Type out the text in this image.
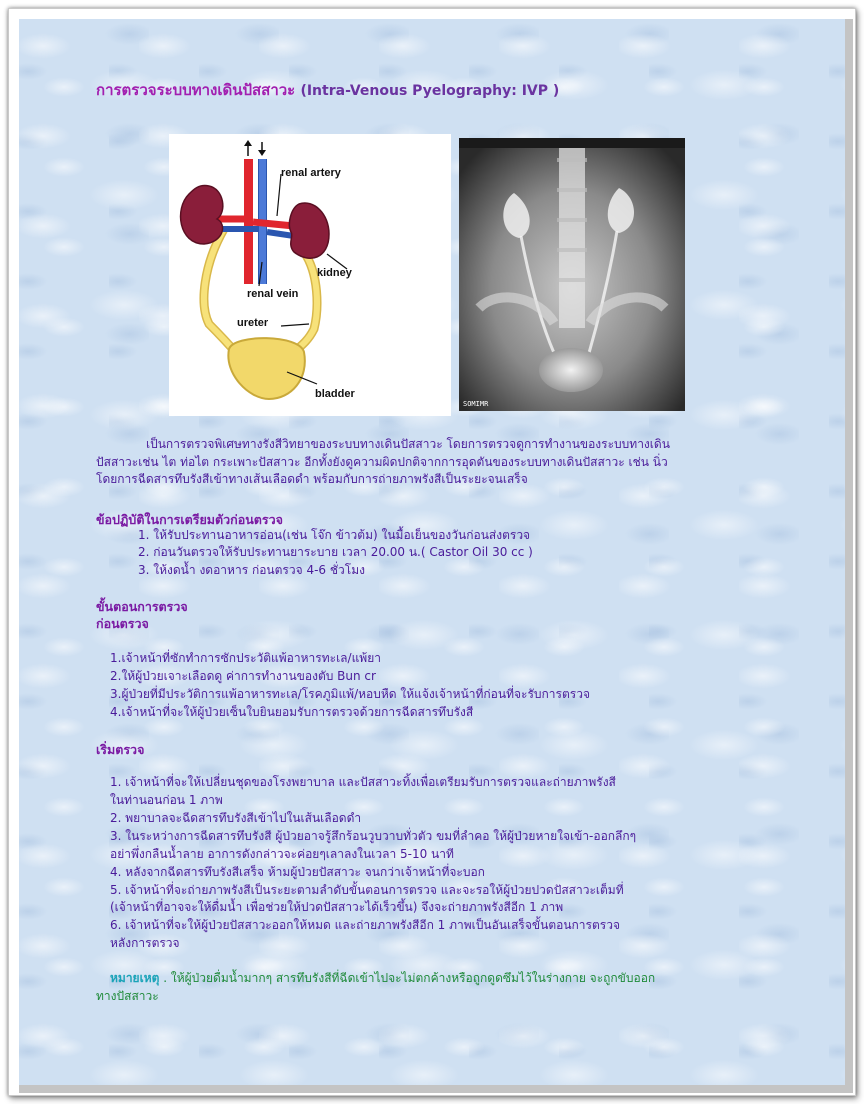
การตรวจระบบทางเดินปัสสาวะ (Intra-Venous Pyelography: IVP )
renal artery
kidney
renal vein
ureter
bladder
SOMIMR
เป็นการตรวจพิเศษทางรังสีวิทยาของระบบทางเดินปัสสาวะ โดยการตรวจดูการทำงานของระบบทางเดิน
ปัสสาวะเช่น ไต ท่อไต กระเพาะปัสสาวะ อีกทั้งยังดูความผิดปกติจากการอุดตันของระบบทางเดินปัสสาวะ เช่น นิ่ว
โดยการฉีดสารทึบรังสีเข้าทางเส้นเลือดดำ พร้อมกับการถ่ายภาพรังสีเป็นระยะจนเสร็จ
ข้อปฏิบัติในการเตรียมตัวก่อนตรวจ
1. ให้รับประทานอาหารอ่อน(เช่น โจ๊ก ข้าวต้ม) ในมื้อเย็นของวันก่อนส่งตรวจ
2. ก่อนวันตรวจให้รับประทานยาระบาย เวลา 20.00 น.( Castor Oil 30 cc )
3. ให้งดน้ำ งดอาหาร ก่อนตรวจ 4-6 ชั่วโมง
ขั้นตอนการตรวจ
ก่อนตรวจ
1.เจ้าหน้าที่ซักทำการซักประวัติแพ้อาหารทะเล/แพ้ยา
2.ให้ผู้ป่วยเจาะเลือดดู ค่าการทำงานของตับ Bun cr
3.ผู้ป่วยที่มีประวัติการแพ้อาหารทะเล/โรคภูมิแพ้/หอบหืด ให้แจ้งเจ้าหน้าที่ก่อนที่จะรับการตรวจ
4.เจ้าหน้าที่จะให้ผู้ป่วยเซ็นใบยินยอมรับการตรวจด้วยการฉีดสารทึบรังสี
เริ่มตรวจ
1. เจ้าหน้าที่จะให้เปลี่ยนชุดของโรงพยาบาล และปัสสาวะทิ้งเพื่อเตรียมรับการตรวจและถ่ายภาพรังสี
ในท่านอนก่อน 1 ภาพ
2. พยาบาลจะฉีดสารทึบรังสีเข้าไปในเส้นเลือดดำ
3. ในระหว่างการฉีดสารทึบรังสี ผู้ป่วยอาจรู้สึกร้อนวูบวาบทั่วตัว ขมที่ลำคอ ให้ผู้ป่วยหายใจเข้า-ออกลึกๆ
อย่าพึ่งกลืนน้ำลาย อาการดังกล่าวจะค่อยๆเลาลงในเวลา 5-10 นาที
4. หลังจากฉีดสารทึบรังสีเสร็จ ห้ามผู้ป่วยปัสสาวะ จนกว่าเจ้าหน้าที่จะบอก
5. เจ้าหน้าที่จะถ่ายภาพรังสีเป็นระยะตามลำดับขั้นตอนการตรวจ และจะรอให้ผู้ป่วยปวดปัสสาวะเต็มที่
(เจ้าหน้าที่อาจจะให้ดื่มน้ำ เพื่อช่วยให้ปวดปัสสาวะได้เร็วขึ้น) จึงจะถ่ายภาพรังสีอีก 1 ภาพ
6. เจ้าหน้าที่จะให้ผู้ป่วยปัสสาวะออกให้หมด และถ่ายภาพรังสีอีก 1 ภาพเป็นอันเสร็จขั้นตอนการตรวจ
หลังการตรวจ
หมายเหตุ . ให้ผู้ป่วยดื่มน้ำมากๆ สารทึบรังสีที่ฉีดเข้าไปจะไม่ตกค้างหรือถูกดูดซึมไว้ในร่างกาย จะถูกขับออก
ทางปัสสาวะ
